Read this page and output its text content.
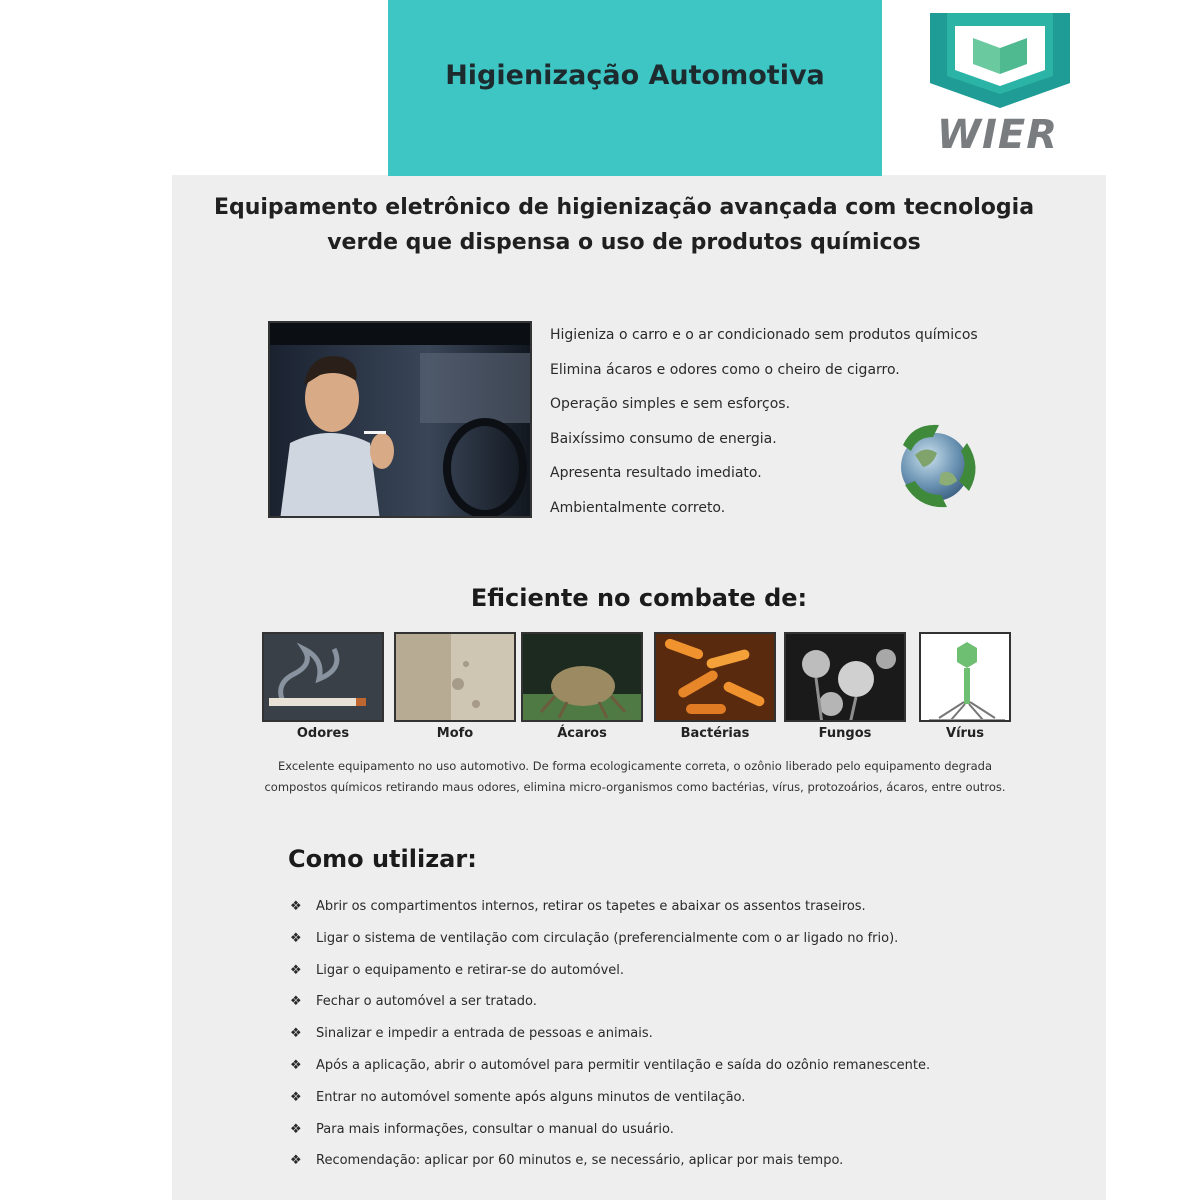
Higienização Automotiva
WIER
Equipamento eletrônico de higienização avançada com tecnologia
verde que dispensa o uso de produtos químicos
Higieniza o carro e o ar condicionado sem produtos químicos
Elimina ácaros e odores como o cheiro de cigarro.
Operação simples e sem esforços.
Baixíssimo consumo de energia.
Apresenta resultado imediato.
Ambientalmente correto.
Eficiente no combate de:
Odores	Mofo	Ácaros	Bactérias	Fungos	Vírus
Excelente equipamento no uso automotivo. De forma ecologicamente correta, o ozônio liberado pelo equipamento degrada
compostos químicos retirando maus odores, elimina micro-organismos como bactérias, vírus, protozoários, ácaros, entre outros.
Como utilizar:
❖ Abrir os compartimentos internos, retirar os tapetes e abaixar os assentos traseiros.
❖ Ligar o sistema de ventilação com circulação (preferencialmente com o ar ligado no frio).
❖ Ligar o equipamento e retirar-se do automóvel.
❖ Fechar o automóvel a ser tratado.
❖ Sinalizar e impedir a entrada de pessoas e animais.
❖ Após a aplicação, abrir o automóvel para permitir ventilação e saída do ozônio remanescente.
❖ Entrar no automóvel somente após alguns minutos de ventilação.
❖ Para mais informações, consultar o manual do usuário.
❖ Recomendação: aplicar por 60 minutos e, se necessário, aplicar por mais tempo.
